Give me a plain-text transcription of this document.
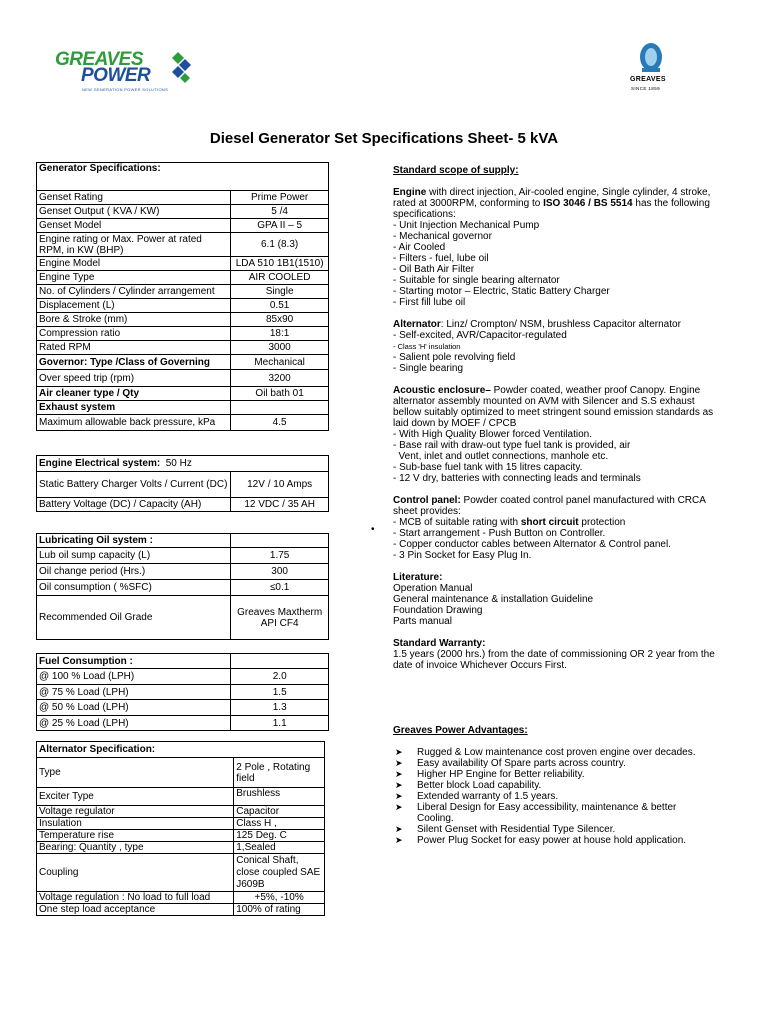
GREAVES
POWER
NEW GENERATION POWER SOLUTIONS
GREAVES
SINCE 1859
Diesel Generator Set Specifications Sheet- 5 kVA
Generator Specifications:	
Genset Rating	Prime Power
Genset Output ( KVA / KW)	5 /4
Genset Model	GPA II – 5
Engine rating or Max. Power at rated RPM, in KW (BHP)	6.1 (8.3)
Engine Model	LDA 510 1B1(1510)
Engine Type	AIR COOLED
No. of Cylinders / Cylinder arrangement	Single
Displacement (L)	0.51
Bore & Stroke (mm)	85x90
Compression ratio	18:1
Rated RPM	3000
Governor: Type /Class of Governing	Mechanical
Over speed trip (rpm)	3200
Air cleaner type / Qty	Oil bath 01
Exhaust system	
Maximum allowable back pressure, kPa	4.5
Engine Electrical system: 50 Hz	
Static Battery Charger Volts / Current (DC)	12V / 10 Amps
Battery Voltage (DC) / Capacity (AH)	12 VDC / 35 AH
Lubricating Oil system :	
Lub oil sump capacity (L)	1.75
Oil change period (Hrs.)	300
Oil consumption ( %SFC)	≤0.1
Recommended Oil Grade	Greaves Maxtherm API CF4
Fuel Consumption :	
@ 100 % Load (LPH)	2.0
@ 75 % Load (LPH)	1.5
@ 50 % Load (LPH)	1.3
@ 25 % Load (LPH)	1.1
Alternator Specification:	
Type	2 Pole , Rotating field
Exciter Type	Brushless
Voltage regulator	Capacitor
Insulation	Class H ,
Temperature rise	125 Deg. C
Bearing: Quantity , type	1,Sealed
Coupling	Conical Shaft, close coupled SAE J609B
Voltage regulation : No load to full load	+5%, -10%
One step load acceptance	100% of rating

Standard scope of supply:

Engine with direct injection, Air-cooled engine, Single cylinder, 4 stroke, rated at 3000RPM, conforming to ISO 3046 / BS 5514 has the following specifications:

- Unit Injection Mechanical Pump
- Mechanical governor
- Air Cooled
- Filters - fuel, lube oil
- Oil Bath Air Filter
- Suitable for single bearing alternator
- Starting motor – Electric, Static Battery Charger
- First fill lube oil

Alternator: Linz/ Crompton/ NSM, brushless Capacitor alternator

- Self-excited, AVR/Capacitor-regulated
- Class 'H' insulation
- Salient pole revolving field
- Single bearing

Acoustic enclosure– Powder coated, weather proof Canopy. Engine alternator assembly mounted on AVM with Silencer and S.S exhaust bellow suitably optimized to meet stringent sound emission standards as laid down by MOEF / CPCB

- With High Quality Blower forced Ventilation.
- Base rail with draw-out type fuel tank is provided, air
Vent, inlet and outlet connections, manhole etc.
- Sub-base fuel tank with 15 litres capacity.
- 12 V dry, batteries with connecting leads and terminals

Control panel: Powder coated control panel manufactured with CRCA sheet provides:

- MCB of suitable rating with short circuit protection
- Start arrangement - Push Button on Controller.
- Copper conductor cables between Alternator & Control panel.
- 3 Pin Socket for Easy Plug In.

Literature:

Operation Manual
General maintenance & installation Guideline
Foundation Drawing
Parts manual

Standard Warranty:

1.5 years (2000 hrs.) from the date of commissioning OR 2 year from the date of invoice Whichever Occurs First.

•
Greaves Power Advantages:
➤ Rugged & Low maintenance cost proven engine over decades.
➤ Easy availability Of Spare parts across country.
➤ Higher HP Engine for Better reliability.
➤ Better block Load capability.
➤ Extended warranty of 1.5 years.
➤ Liberal Design for Easy accessibility, maintenance & better Cooling.
➤ Silent Genset with Residential Type Silencer.
➤ Power Plug Socket for easy power at house hold application.
